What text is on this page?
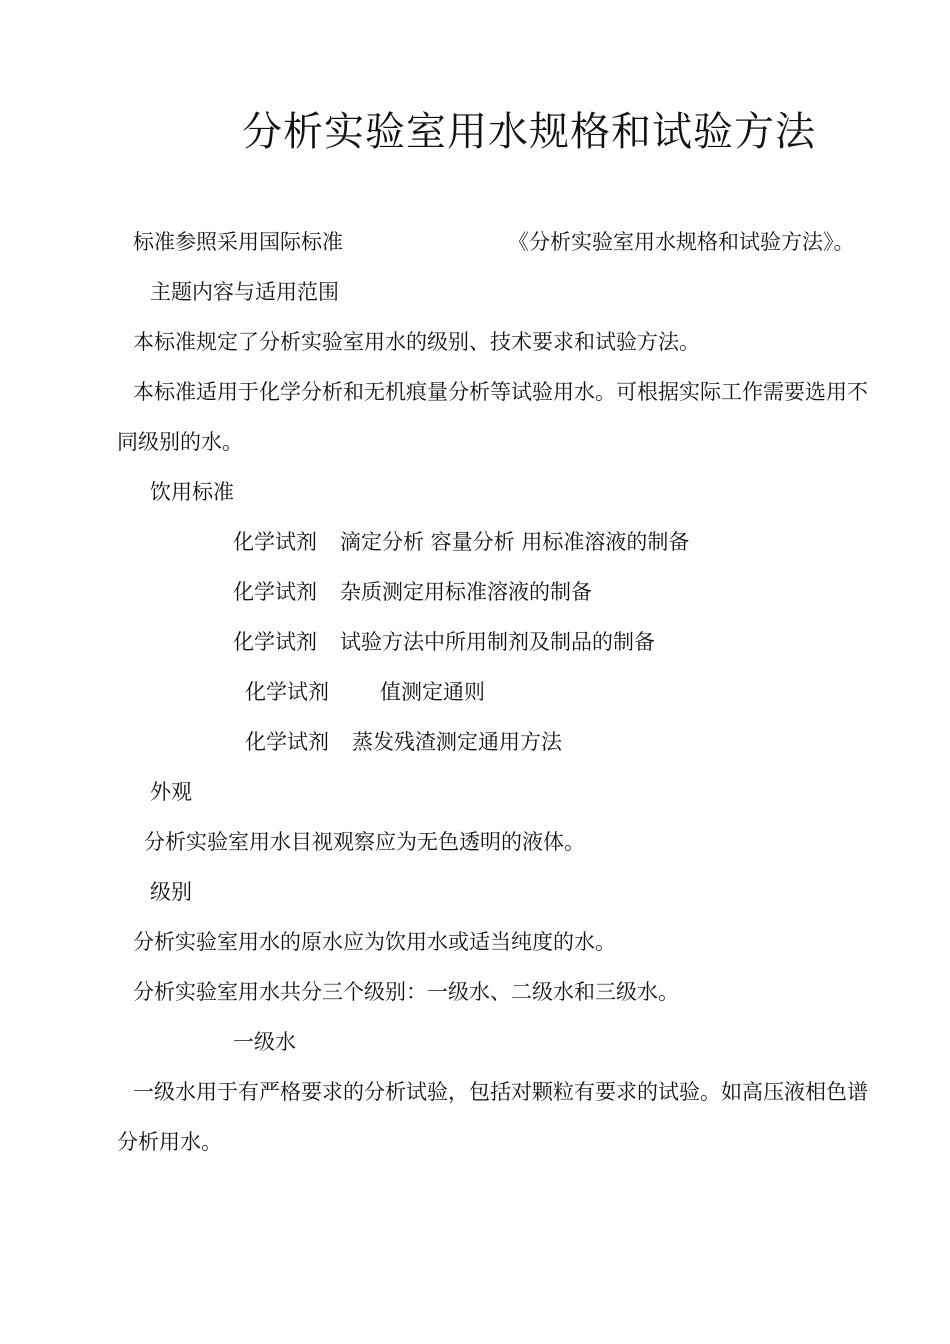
分析实验室用水规格和试验方法
标准参照采用国际标准	《分析实验室用水规格和试验方法》。
主题内容与适用范围
本标准规定了分析实验室用水的级别、技术要求和试验方法。
本标准适用于化学分析和无机痕量分析等试验用水。可根据实际工作需要选用不
同级别的水。
饮用标准
化学试剂 滴定分析 容量分析 用标准溶液的制备
化学试剂 杂质测定用标准溶液的制备
化学试剂 试验方法中所用制剂及制品的制备
化学试剂 值测定通则
化学试剂 蒸发残渣测定通用方法
外观
分析实验室用水目视观察应为无色透明的液体。
级别
分析实验室用水的原水应为饮用水或适当纯度的水。
分析实验室用水共分三个级别：一级水、二级水和三级水。
一级水
一级水用于有严格要求的分析试验，包括对颗粒有要求的试验。如高压液相色谱
分析用水。
